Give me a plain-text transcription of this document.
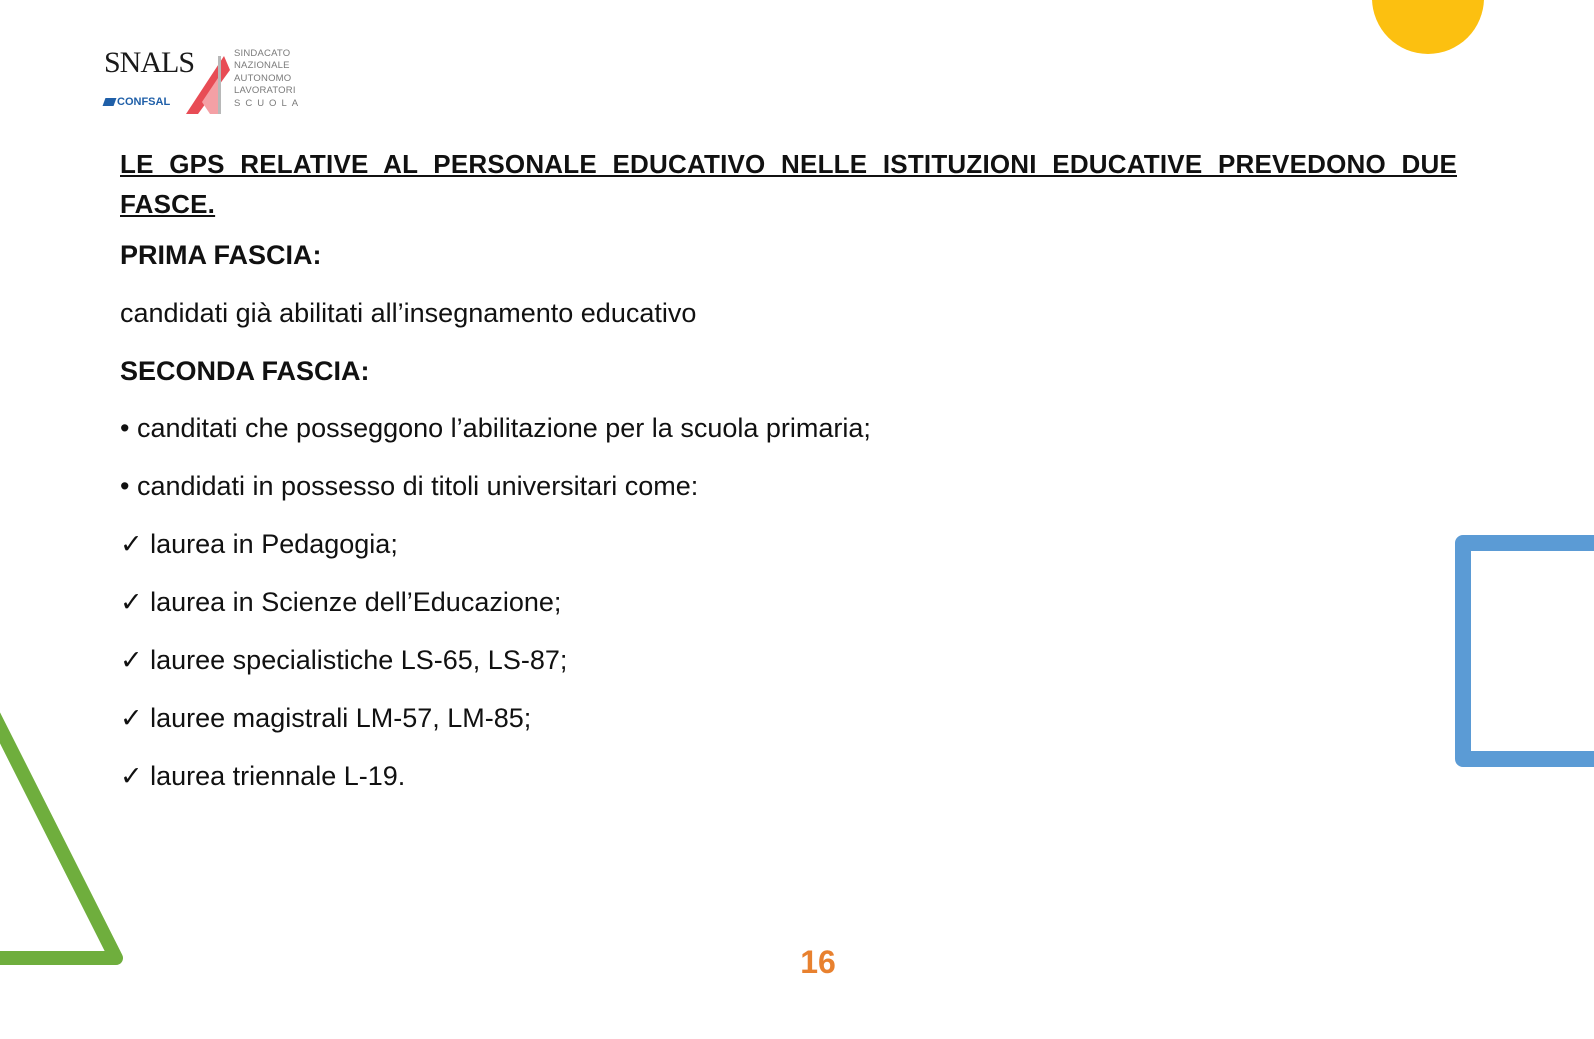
SNALS	SINDACATO
NAZIONALE
AUTONOMO
LAVORATORI
SCUOLA
CONFSAL

LE GPS RELATIVE AL PERSONALE EDUCATIVO NELLE ISTITUZIONI EDUCATIVE PREVEDONO DUE FASCE.

PRIMA FASCIA:

candidati già abilitati all’insegnamento educativo

SECONDA FASCIA:

• canditati che posseggono l’abilitazione per la scuola primaria;

• candidati in possesso di titoli universitari come:

✓ laurea in Pedagogia;

✓ laurea in Scienze dell’Educazione;

✓ lauree specialistiche LS-65, LS-87;

✓ lauree magistrali LM-57, LM-85;

✓ laurea triennale L-19.

16
